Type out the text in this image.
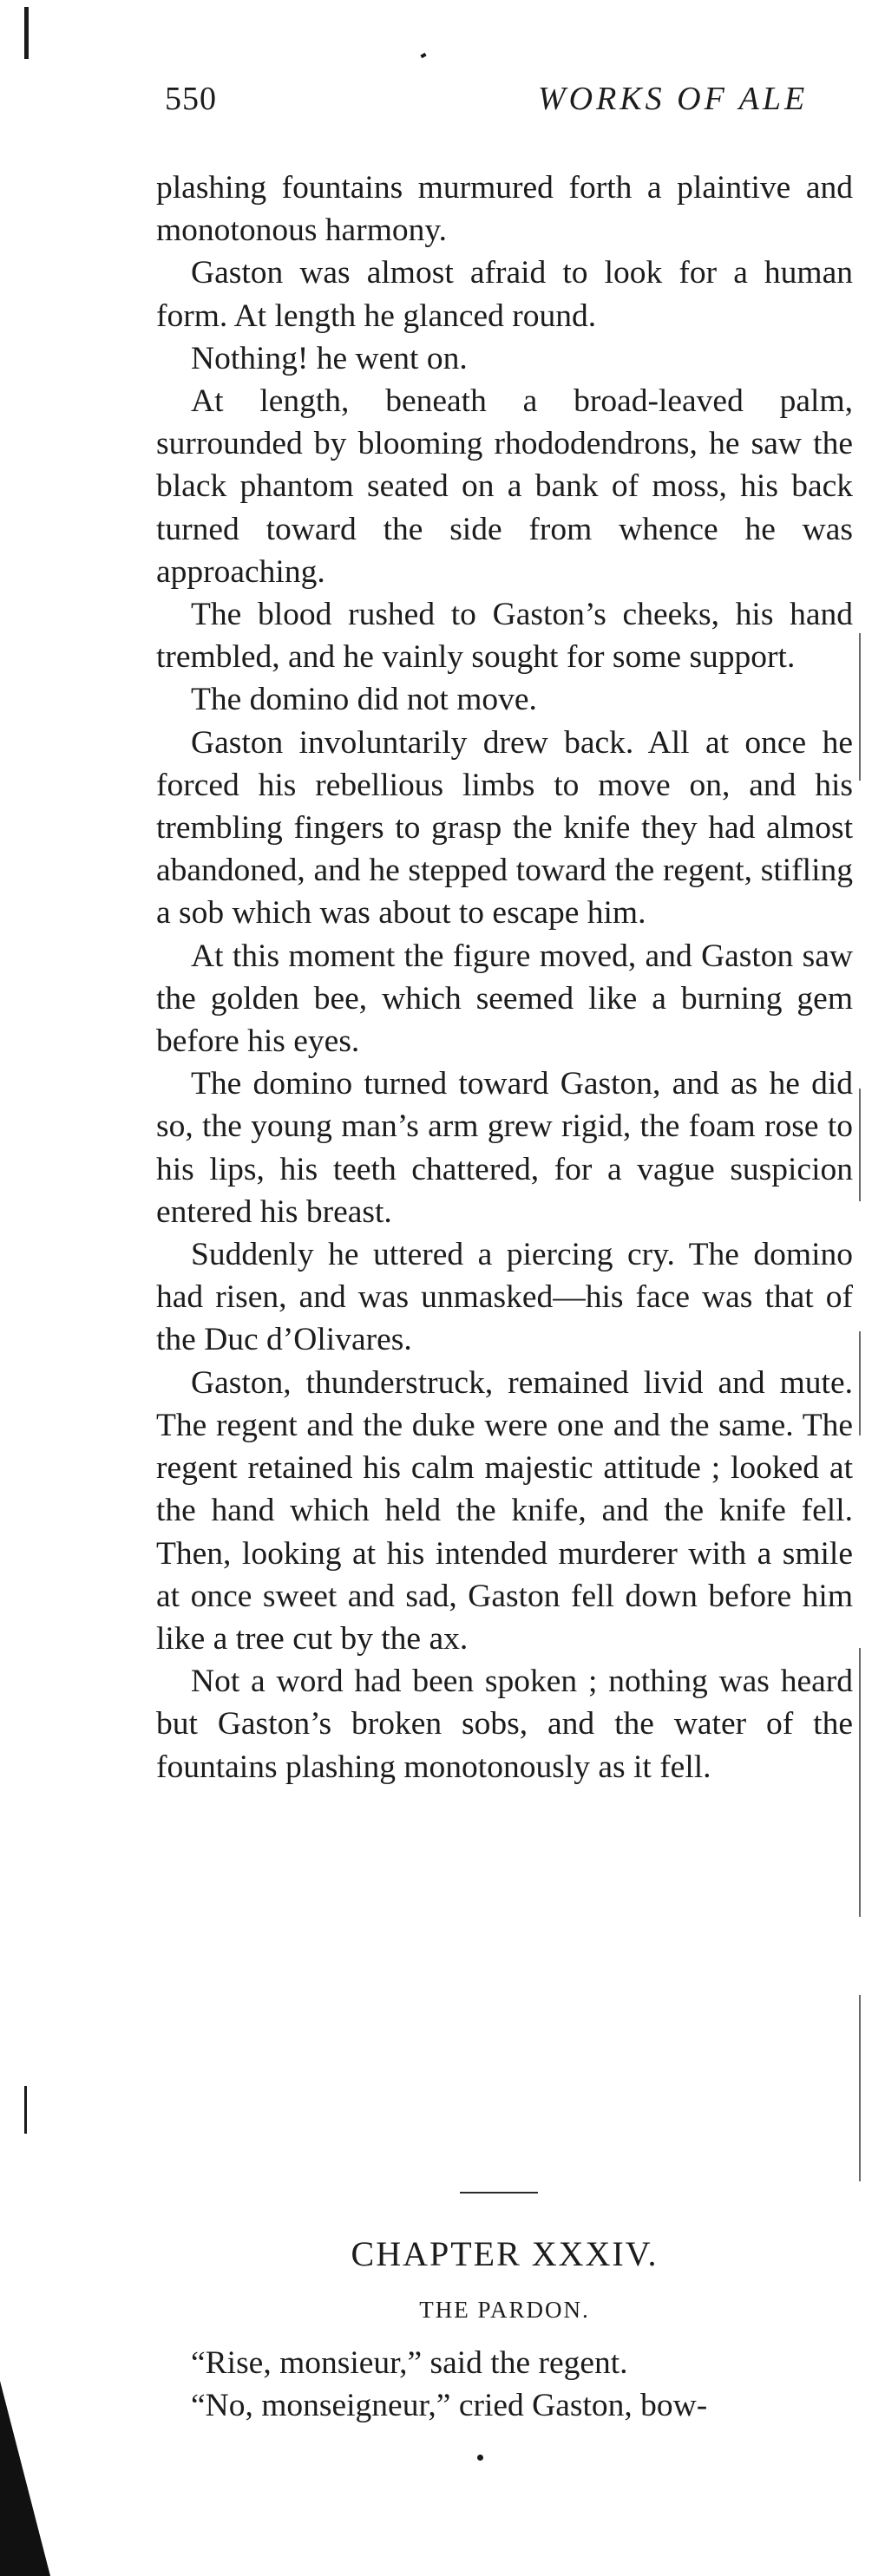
550	WORKS OF ALE

plashing fountains murmured forth a plaintive and monotonous harmony.

Gaston was almost afraid to look for a human form. At length he glanced round.

Nothing! he went on.

At length, beneath a broad-leaved palm, surrounded by blooming rhododendrons, he saw the black phantom seated on a bank of moss, his back turned toward the side from whence he was approaching.

The blood rushed to Gaston’s cheeks, his hand trembled, and he vainly sought for some support.

The domino did not move.

Gaston involuntarily drew back. All at once he forced his rebellious limbs to move on, and his trembling fingers to grasp the knife they had almost abandoned, and he stepped toward the regent, stifling a sob which was about to escape him.

At this moment the figure moved, and Gaston saw the golden bee, which seemed like a burning gem before his eyes.

The domino turned toward Gaston, and as he did so, the young man’s arm grew rigid, the foam rose to his lips, his teeth chattered, for a vague suspicion entered his breast.

Suddenly he uttered a piercing cry. The domino had risen, and was unmasked—his face was that of the Duc d’Olivares.

Gaston, thunderstruck, remained livid and mute. The regent and the duke were one and the same. The regent retained his calm majestic attitude ; looked at the hand which held the knife, and the knife fell. Then, looking at his intended murderer with a smile at once sweet and sad, Gaston fell down before him like a tree cut by the ax.

Not a word had been spoken ; nothing was heard but Gaston’s broken sobs, and the water of the fountains plashing monotonously as it fell.

CHAPTER XXXIV.
THE PARDON.

“Rise, monsieur,” said the regent.

“No, monseigneur,” cried Gaston, bow-
